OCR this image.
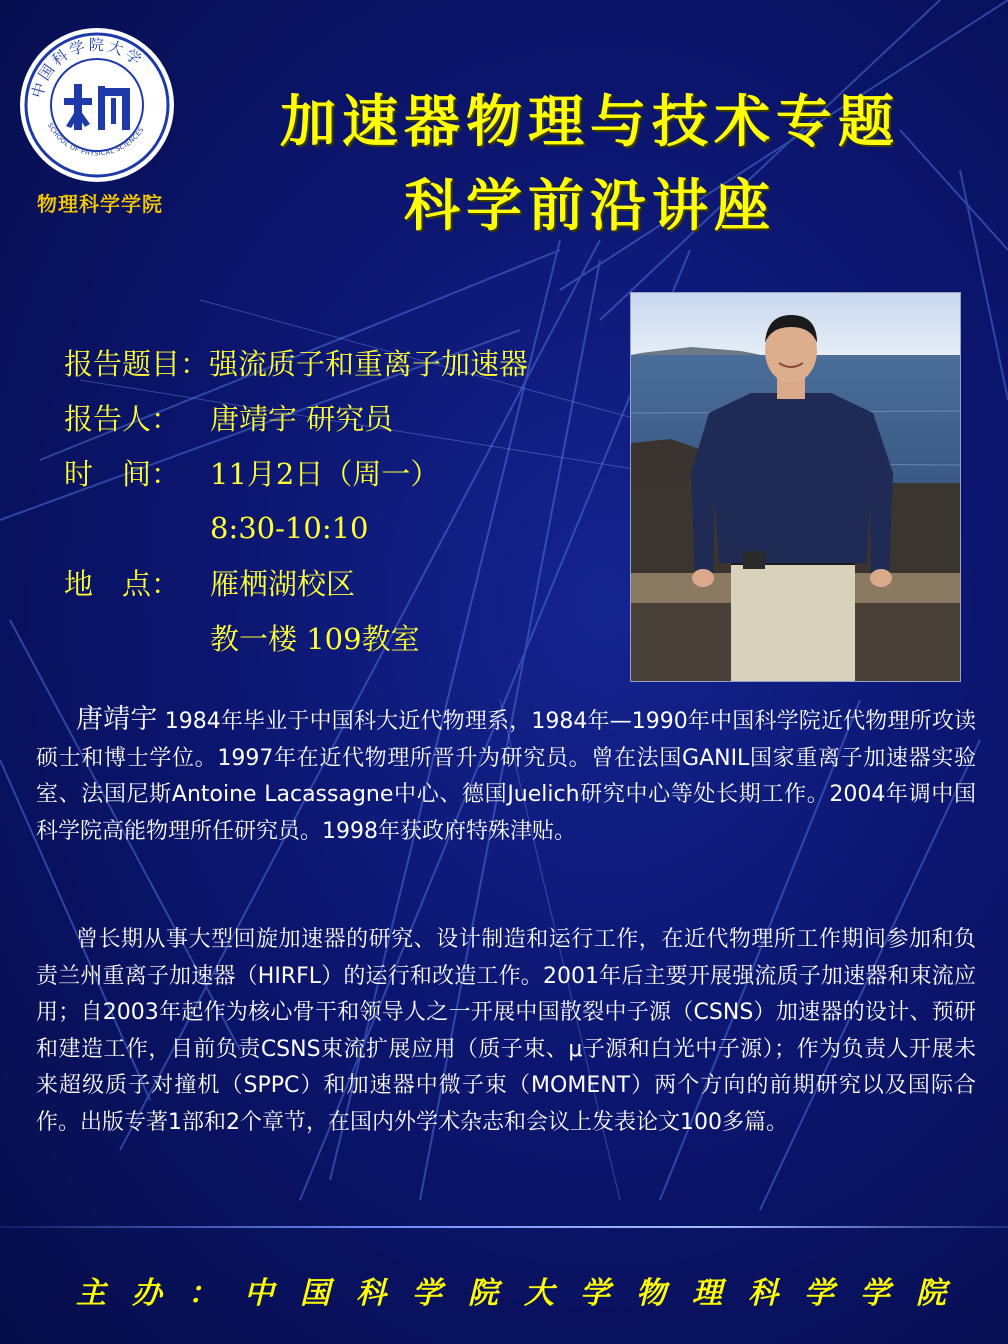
中国科学院大学
SCHOOL OF PHYSICAL SCIENCES
物理科学学院
加速器物理与技术专题
科学前沿讲座
报告题目： 强流质子和重离子加速器
报告人：	唐靖宇 研究员
时　间：	11月2日（周一）
8:30-10:10
地　点：	雁栖湖校区
教一楼 109教室

唐靖宇 1984年毕业于中国科大近代物理系，1984年—1990年中国科学院近代物理所攻读硕士和博士学位。1997年在近代物理所晋升为研究员。曾在法国GANIL国家重离子加速器实验室、法国尼斯Antoine Lacassagne中心、德国Juelich研究中心等处长期工作。2004年调中国科学院高能物理所任研究员。1998年获政府特殊津贴。

曾长期从事大型回旋加速器的研究、设计制造和运行工作，在近代物理所工作期间参加和负责兰州重离子加速器（HIRFL）的运行和改造工作。2001年后主要开展强流质子加速器和束流应用；自2003年起作为核心骨干和领导人之一开展中国散裂中子源（CSNS）加速器的设计、预研和建造工作，目前负责CSNS束流扩展应用（质子束、μ子源和白光中子源）；作为负责人开展未来超级质子对撞机（SPPC）和加速器中微子束（MOMENT）两个方向的前期研究以及国际合作。出版专著1部和2个章节，在国内外学术杂志和会议上发表论文100多篇。

主办：中国科学院大学物理科学学院
